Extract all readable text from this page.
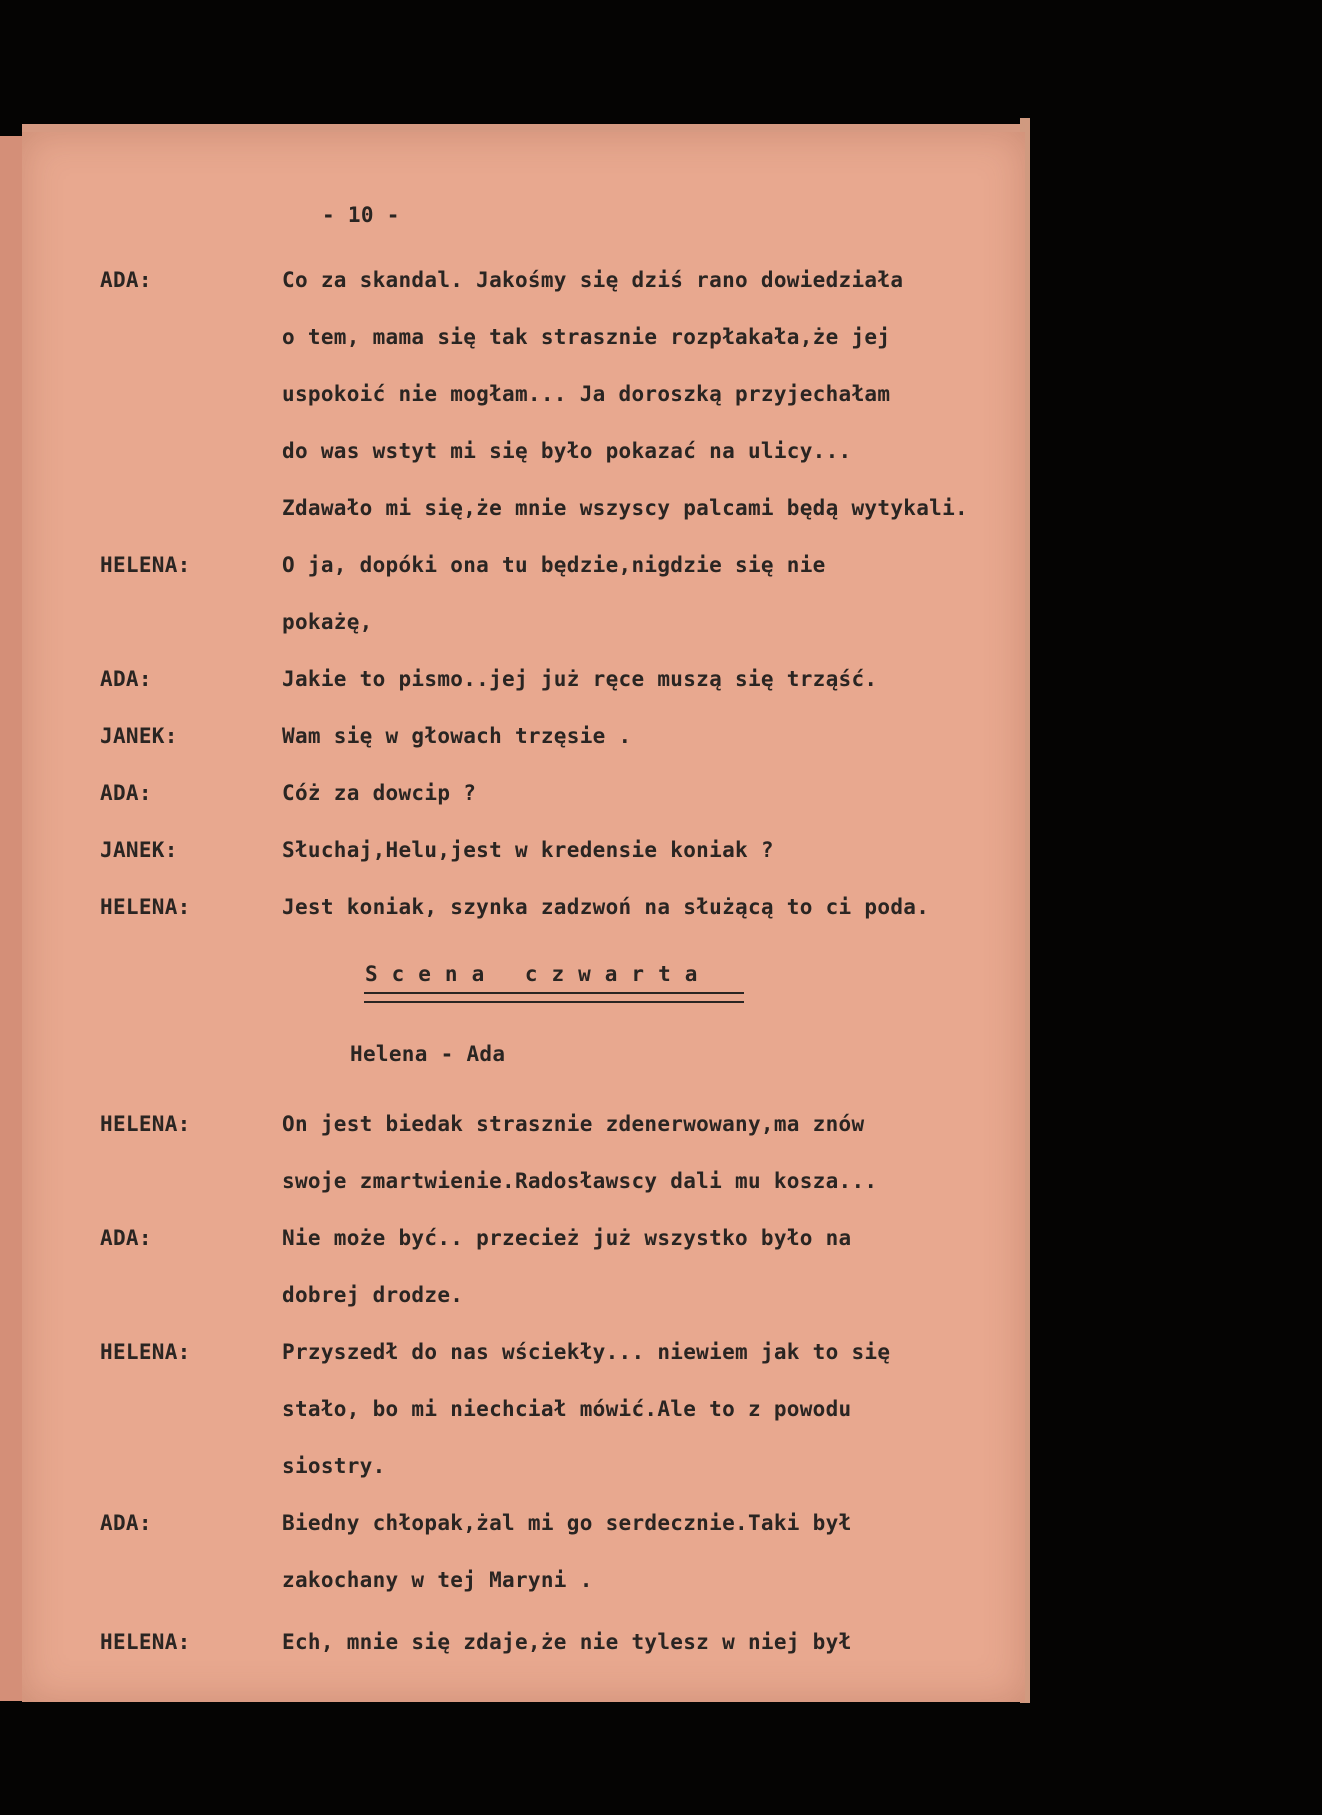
- 10 -
ADA:	Co za skandal. Jakośmy się dziś rano dowiedziała
o tem, mama się tak strasznie rozpłakała,że jej
uspokoić nie mogłam... Ja doroszką przyjechałam
do was wstyt mi się było pokazać na ulicy...
Zdawało mi się,że mnie wszyscy palcami będą wytykali.
HELENA:	O ja, dopóki ona tu będzie,nigdzie się nie
pokażę,
ADA:	Jakie to pismo..jej już ręce muszą się trząść.
JANEK:	Wam się w głowach trzęsie .
ADA:	Cóż za dowcip ?
JANEK:	Słuchaj,Helu,jest w kredensie koniak ?
HELENA:	Jest koniak, szynka zadzwoń na służącą to ci poda.
Scena czwarta
Helena - Ada
HELENA:	On jest biedak strasznie zdenerwowany,ma znów
swoje zmartwienie.Radosławscy dali mu kosza...
ADA:	Nie może być.. przecież już wszystko było na
dobrej drodze.
HELENA:	Przyszedł do nas wściekły... niewiem jak to się
stało, bo mi niechciał mówić.Ale to z powodu
siostry.
ADA:	Biedny chłopak,żal mi go serdecznie.Taki był
zakochany w tej Maryni .
HELENA:	Ech, mnie się zdaje,że nie tylesz w niej był
